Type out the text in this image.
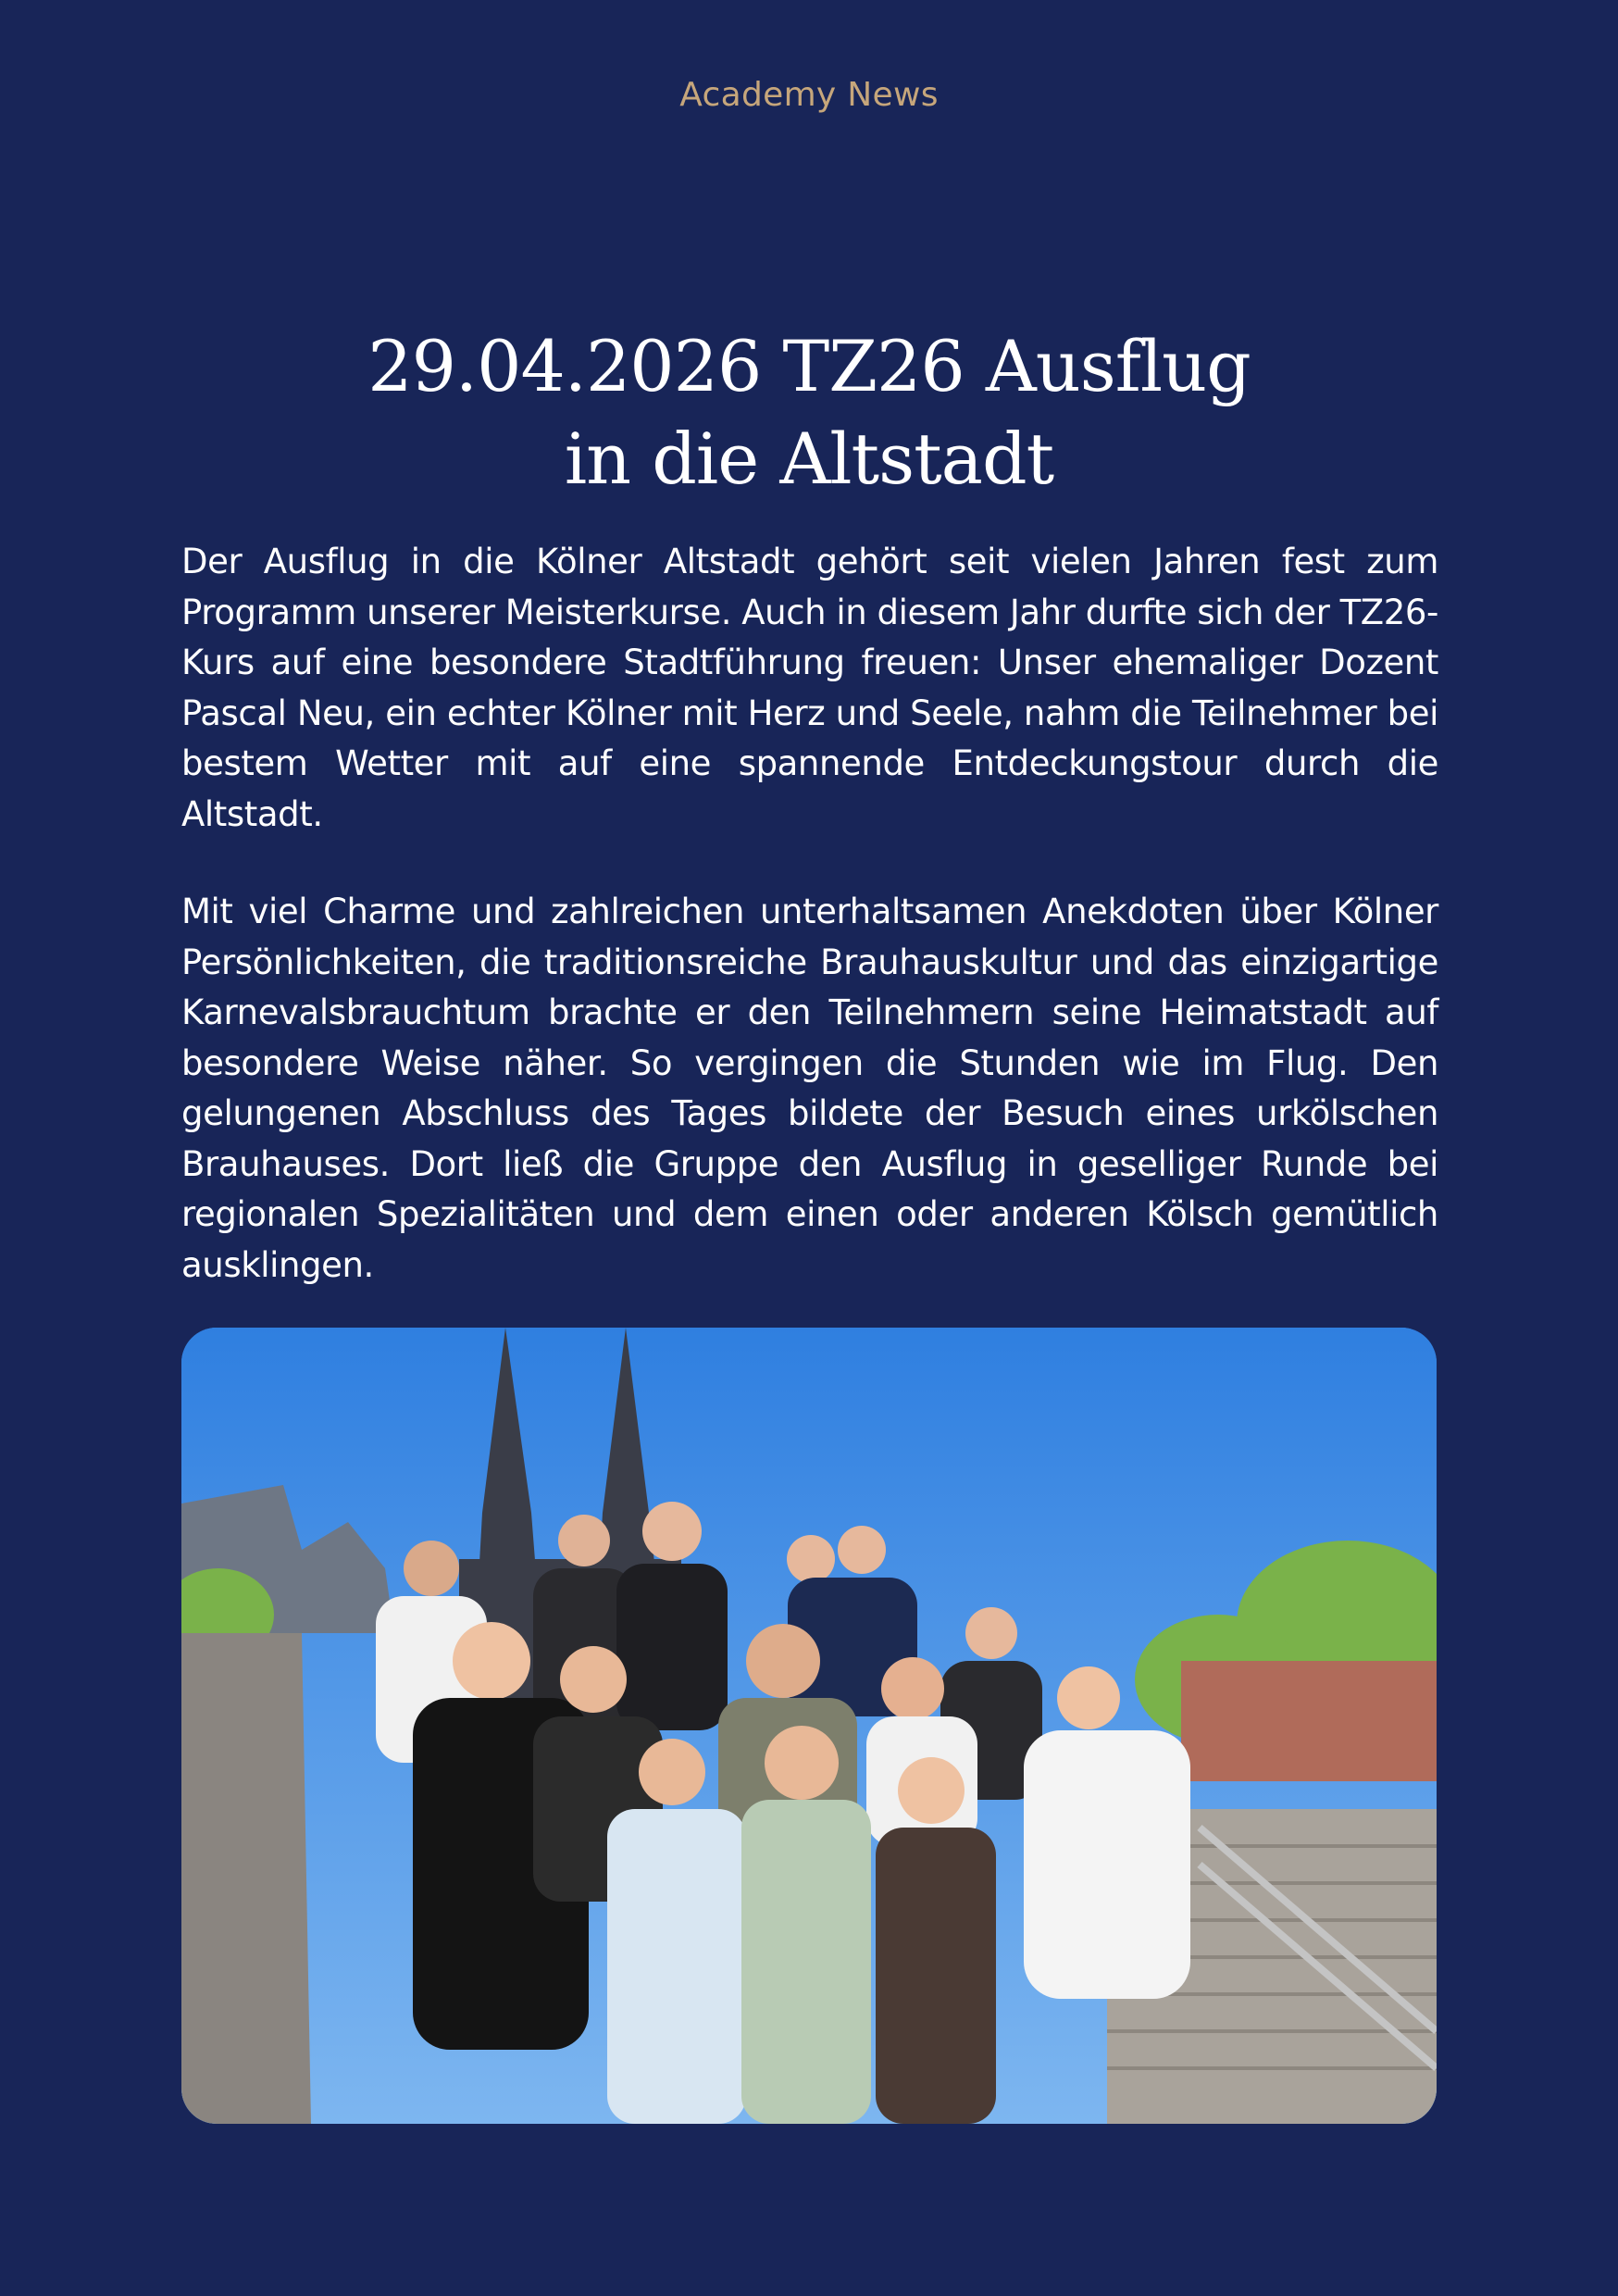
Academy News
29.04.2026 TZ26 Ausflug
in die Altstadt

Der Ausflug in die Kölner Altstadt gehört seit vielen Jahren fest zum Programm unserer Meisterkurse. Auch in diesem Jahr durfte sich der TZ26-Kurs auf eine besondere Stadtführung freuen: Unser ehemaliger Dozent Pascal Neu, ein echter Kölner mit Herz und Seele, nahm die Teilnehmer bei bestem Wetter mit auf eine spannende Entdeckungstour durch die Altstadt.

Mit viel Charme und zahlreichen unterhaltsamen Anekdoten über Kölner Persönlichkeiten, die traditionsreiche Brauhauskultur und das einzigartige Karnevalsbrauchtum brachte er den Teilnehmern seine Heimatstadt auf besondere Weise näher. So vergingen die Stunden wie im Flug. Den gelungenen Abschluss des Tages bildete der Besuch eines urkölschen Brauhauses. Dort ließ die Gruppe den Ausflug in geselliger Runde bei regionalen Spezialitäten und dem einen oder anderen Kölsch gemütlich ausklingen.
